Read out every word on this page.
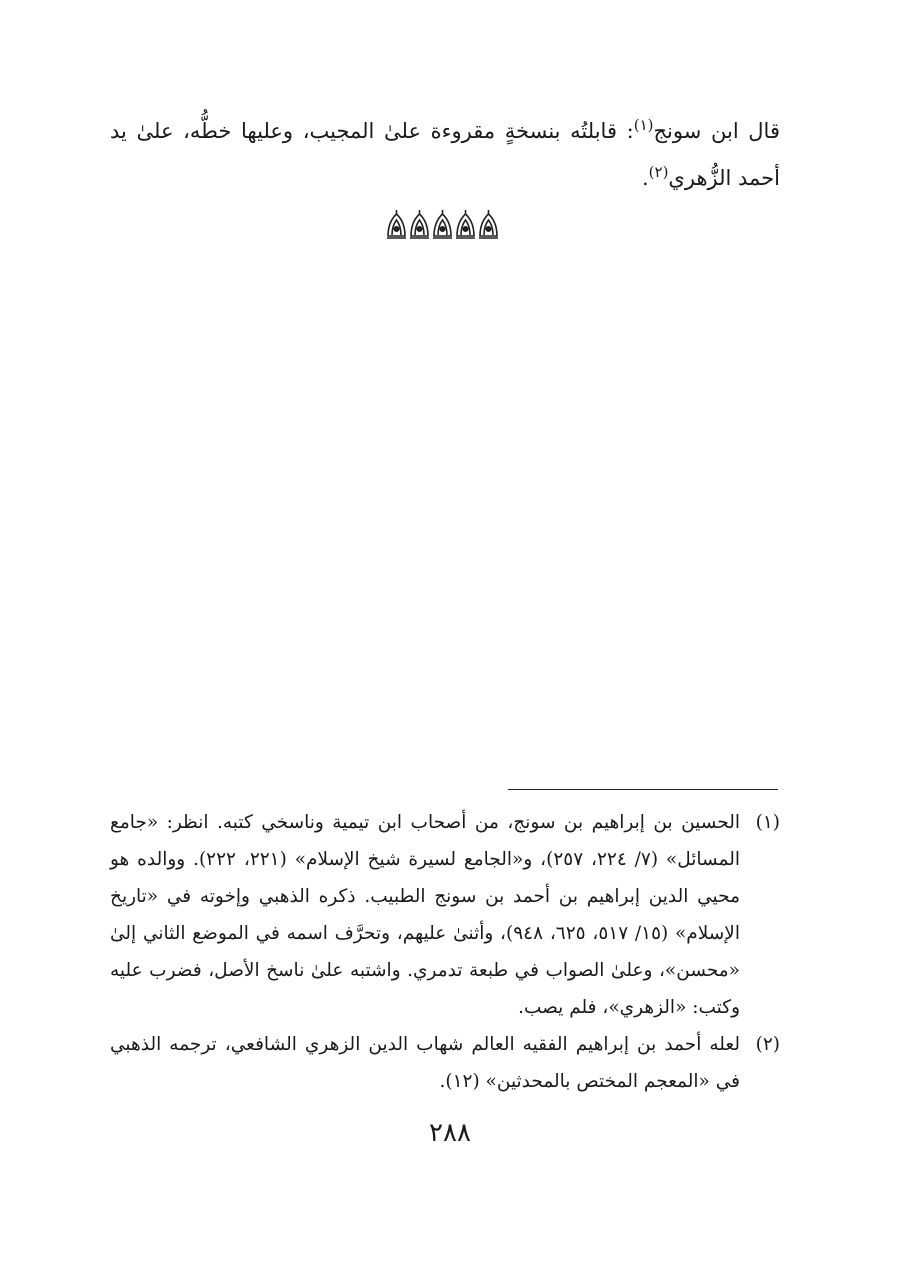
قال ابن سونج$^{(١)}$: قابلتُه بنسخةٍ مقروءة علىٰ المجيب، وعليها خطُّه، علىٰ يد أحمد الزُّهري$^{(٢)}$.

(١)
الحسين بن إبراهيم بن سونج، من أصحاب ابن تيمية وناسخي كتبه. انظر: «جامع المسائل» (٧/ ٢٢٤، ٢٥٧)، و«الجامع لسيرة شيخ الإسلام» (٢٢١، ٢٢٢). ووالده هو محيي الدين إبراهيم بن أحمد بن سونج الطبيب. ذكره الذهبي وإخوته في «تاريخ الإسلام» (١٥/ ٥١٧، ٦٢٥، ٩٤٨)، وأثنىٰ عليهم، وتحرَّف اسمه في الموضع الثاني إلىٰ «محسن»، وعلىٰ الصواب في طبعة تدمري. واشتبه علىٰ ناسخ الأصل، فضرب عليه وكتب: «الزهري»، فلم يصب.

(٢)
لعله أحمد بن إبراهيم الفقيه العالم شهاب الدين الزهري الشافعي، ترجمه الذهبي في «المعجم المختص بالمحدثين» (١٢).

٢٨٨
